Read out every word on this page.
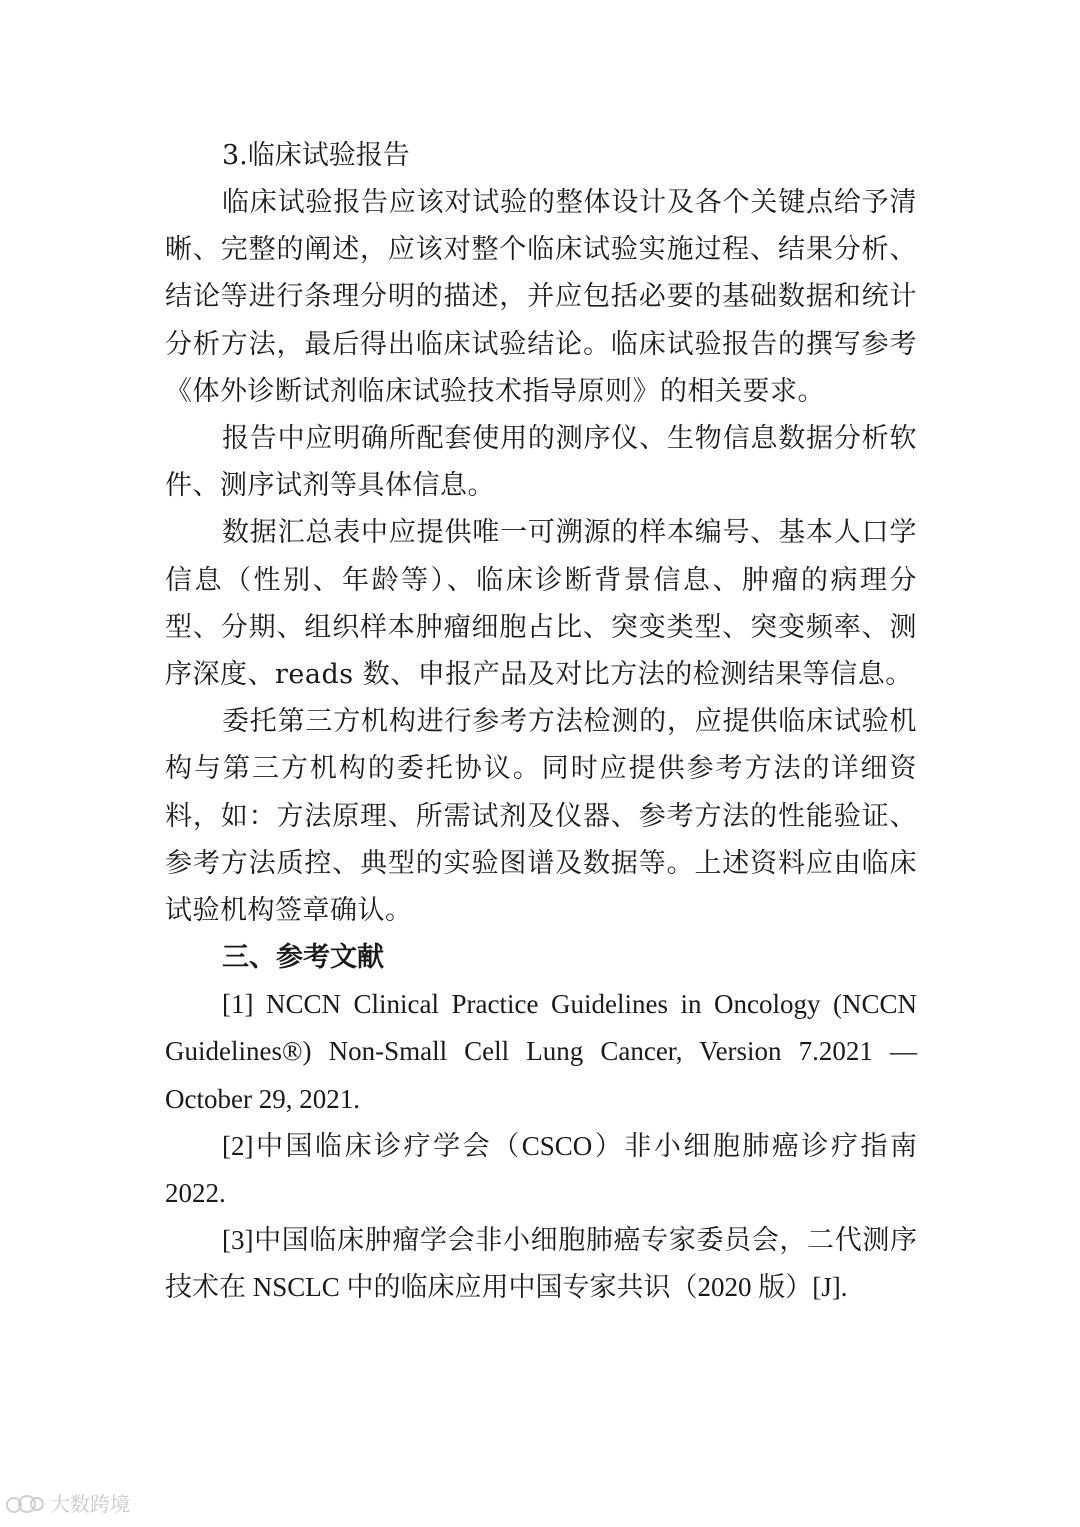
3.临床试验报告

临床试验报告应该对试验的整体设计及各个关键点给予清晰、完整的阐述，应该对整个临床试验实施过程、结果分析、结论等进行条理分明的描述，并应包括必要的基础数据和统计分析方法，最后得出临床试验结论。临床试验报告的撰写参考《体外诊断试剂临床试验技术指导原则》的相关要求。

报告中应明确所配套使用的测序仪、生物信息数据分析软件、测序试剂等具体信息。

数据汇总表中应提供唯一可溯源的样本编号、基本人口学信息（性别、年龄等）、临床诊断背景信息、肿瘤的病理分型、分期、组织样本肿瘤细胞占比、突变类型、突变频率、测序深度、reads 数、申报产品及对比方法的检测结果等信息。

委托第三方机构进行参考方法检测的，应提供临床试验机构与第三方机构的委托协议。同时应提供参考方法的详细资料，如：方法原理、所需试剂及仪器、参考方法的性能验证、参考方法质控、典型的实验图谱及数据等。上述资料应由临床试验机构签章确认。

三、参考文献

[1] NCCN Clinical Practice Guidelines in Oncology (NCCN Guidelines®) Non-Small Cell Lung Cancer, Version 7.2021 — October 29, 2021.

[2]中国临床诊疗学会（CSCO）非小细胞肺癌诊疗指南 2022.

[3]中国临床肿瘤学会非小细胞肺癌专家委员会，二代测序技术在 NSCLC 中的临床应用中国专家共识（2020 版）[J].

大数跨境
